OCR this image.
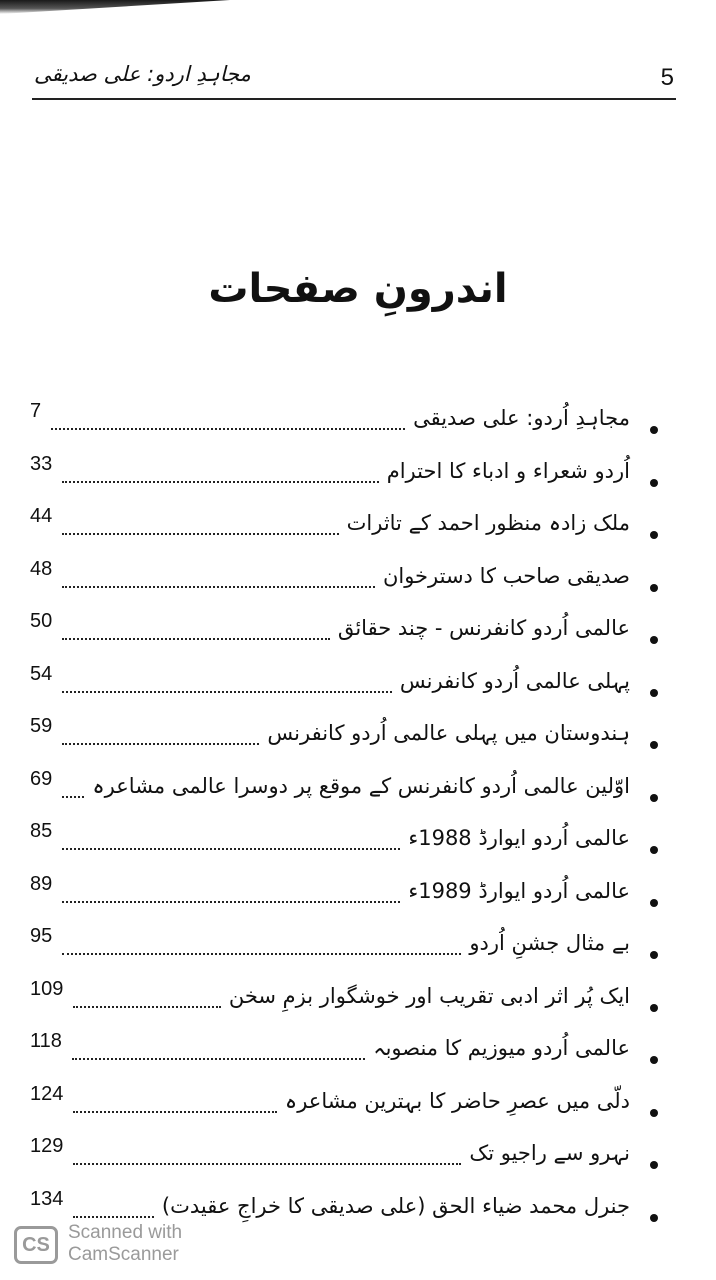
5
مجاہدِ اردو: علی صدیقی
اندرونِ صفحات
7	مجاہدِ اُردو: علی صدیقی
33	اُردو شعراء و ادباء کا احترام
44	ملک زادہ منظور احمد کے تاثرات
48	صدیقی صاحب کا دسترخوان
50	عالمی اُردو کانفرنس - چند حقائق
54	پہلی عالمی اُردو کانفرنس
59	ہندوستان میں پہلی عالمی اُردو کانفرنس
69 اوّلین عالمی اُردو کانفرنس کے موقع پر دوسرا عالمی مشاعرہ
85	عالمی اُردو ایوارڈ 1988ء
89	عالمی اُردو ایوارڈ 1989ء
95	بے مثال جشنِ اُردو
109	ایک پُر اثر ادبی تقریب اور خوشگوار بزمِ سخن
118	عالمی اُردو میوزیم کا منصوبہ
124	دلّی میں عصرِ حاضر کا بہترین مشاعرہ
129	نہرو سے راجیو تک
134	جنرل محمد ضیاء الحق (علی صدیقی کا خراجِ عقیدت)
CS
Scanned with
CamScanner
